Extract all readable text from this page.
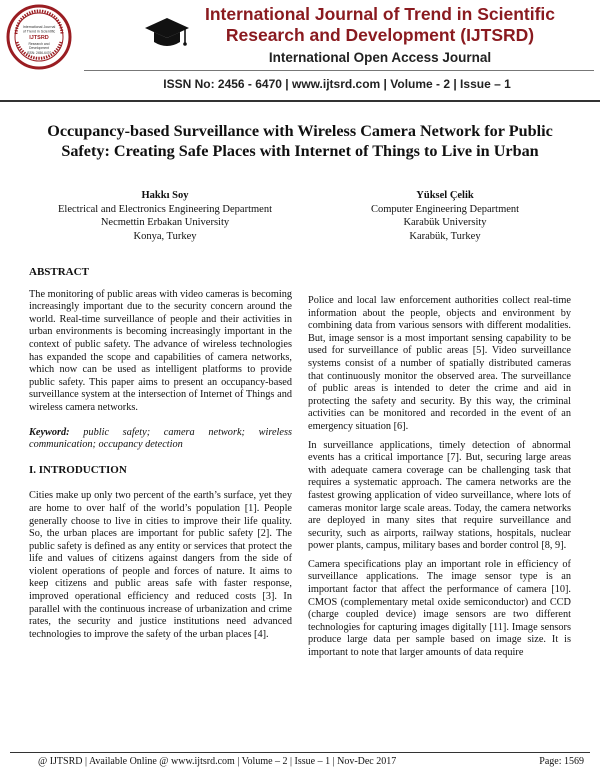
International Journal
of Trend in Scientific
IJTSRD
Research and
Development
ISSN: 2456-6470
International Journal of Trend in Scientific
Research and Development (IJTSRD)
International Open Access Journal
ISSN No: 2456 - 6470 | www.ijtsrd.com | Volume - 2 | Issue – 1
Occupancy-based Surveillance with Wireless Camera Network for Public
Safety: Creating Safe Places with Internet of Things to Live in Urban
Hakkı Soy
Electrical and Electronics Engineering Department
Necmettin Erbakan University
Konya, Turkey
Yüksel Çelik
Computer Engineering Department
Karabük University
Karabük, Turkey
ABSTRACT

The monitoring of public areas with video cameras is becoming increasingly important due to the security concern around the world. Real-time surveillance of people and their activities in urban environments is becoming increasingly important in the context of public safety. The advance of wireless technologies has expanded the scope and capabilities of camera networks, which now can be used as intelligent platforms to provide public safety. This paper aims to present an occupancy-based surveillance system at the intersection of Internet of Things and wireless camera networks.

Keyword: public safety; camera network; wireless communication; occupancy detection

I. INTRODUCTION

Cities make up only two percent of the earth’s surface, yet they are home to over half of the world’s population [1]. People generally choose to live in cities to improve their life quality. So, the urban places are important for public safety [2]. The public safety is defined as any entity or services that protect the life and values of citizens against dangers from the side of violent operations of people and forces of nature. It aims to keep citizens and public areas safe with faster response, improved operational efficiency and reduced costs [3]. In parallel with the continuous increase of urbanization and crime rates, the security and justice institutions need advanced technologies to improve the safety of the urban places [4].

Police and local law enforcement authorities collect real-time information about the people, objects and environment by combining data from various sensors with different modalities. But, image sensor is a most important sensing capability to be used for surveillance of public areas [5]. Video surveillance systems consist of a number of spatially distributed cameras that continuously monitor the observed area. The surveillance of public areas is intended to deter the crime and aid in protecting the safety and security. By this way, the criminal activities can be monitored and recorded in the event of an emergency situation [6].

In surveillance applications, timely detection of abnormal events has a critical importance [7]. But, securing large areas with adequate camera coverage can be challenging task that requires a systematic approach. The camera networks are the fastest growing application of video surveillance, where lots of cameras monitor large scale areas. Today, the camera networks are deployed in many sites that require surveillance and security, such as airports, railway stations, hospitals, nuclear power plants, campus, military bases and border control [8, 9].

Camera specifications play an important role in efficiency of surveillance applications. The image sensor type is an important factor that affect the performance of camera [10]. CMOS (complementary metal oxide semiconductor) and CCD (charge coupled device) image sensors are two different technologies for capturing images digitally [11]. Image sensors produce large data per sample based on image size. It is important to note that larger amounts of data require

@ IJTSRD | Available Online @ www.ijtsrd.com | Volume – 2 | Issue – 1 | Nov-Dec 2017	Page: 1569
